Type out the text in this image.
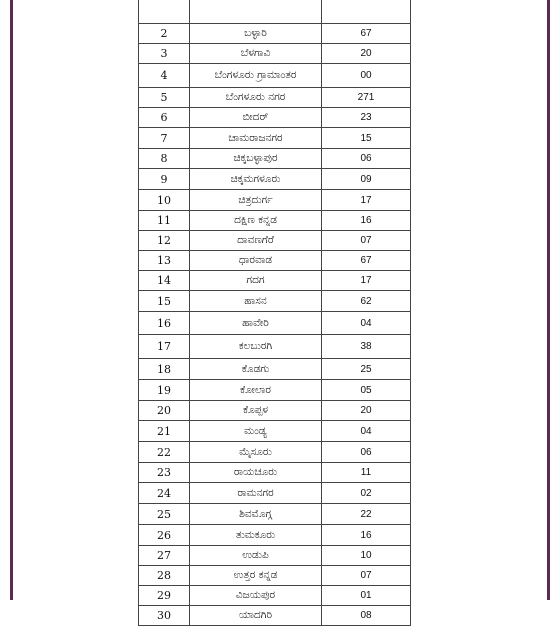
2	ಬಳ್ಳಾರಿ	67
3	ಬೆಳಗಾವಿ	20
4	ಬೆಂಗಳೂರು ಗ್ರಾಮಾಂತರ	00
5	ಬೆಂಗಳೂರು ನಗರ	271
6	ಬೀದರ್	23
7	ಚಾಮರಾಜನಗರ	15
8	ಚಿಕ್ಕಬಳ್ಳಾಪುರ	06
9	ಚಿಕ್ಕಮಗಳೂರು	09
10	ಚಿತ್ರದುರ್ಗ	17
11	ದಕ್ಷಿಣ ಕನ್ನಡ	16
12	ದಾವಣಗೆರೆ	07
13	ಧಾರವಾಡ	67
14	ಗದಗ	17
15	ಹಾಸನ	62
16	ಹಾವೇರಿ	04
17	ಕಲಬುರಗಿ	38
18	ಕೊಡಗು	25
19	ಕೋಲಾರ	05
20	ಕೊಪ್ಪಳ	20
21	ಮಂಡ್ಯ	04
22	ಮೈಸೂರು	06
23	ರಾಯಚೂರು	11
24	ರಾಮನಗರ	02
25	ಶಿವಮೊಗ್ಗ	22
26	ತುಮಕೂರು	16
27	ಉಡುಪಿ	10
28	ಉತ್ತರ ಕನ್ನಡ	07
29	ವಿಜಯಪುರ	01
30	ಯಾದಗಿರಿ	08
